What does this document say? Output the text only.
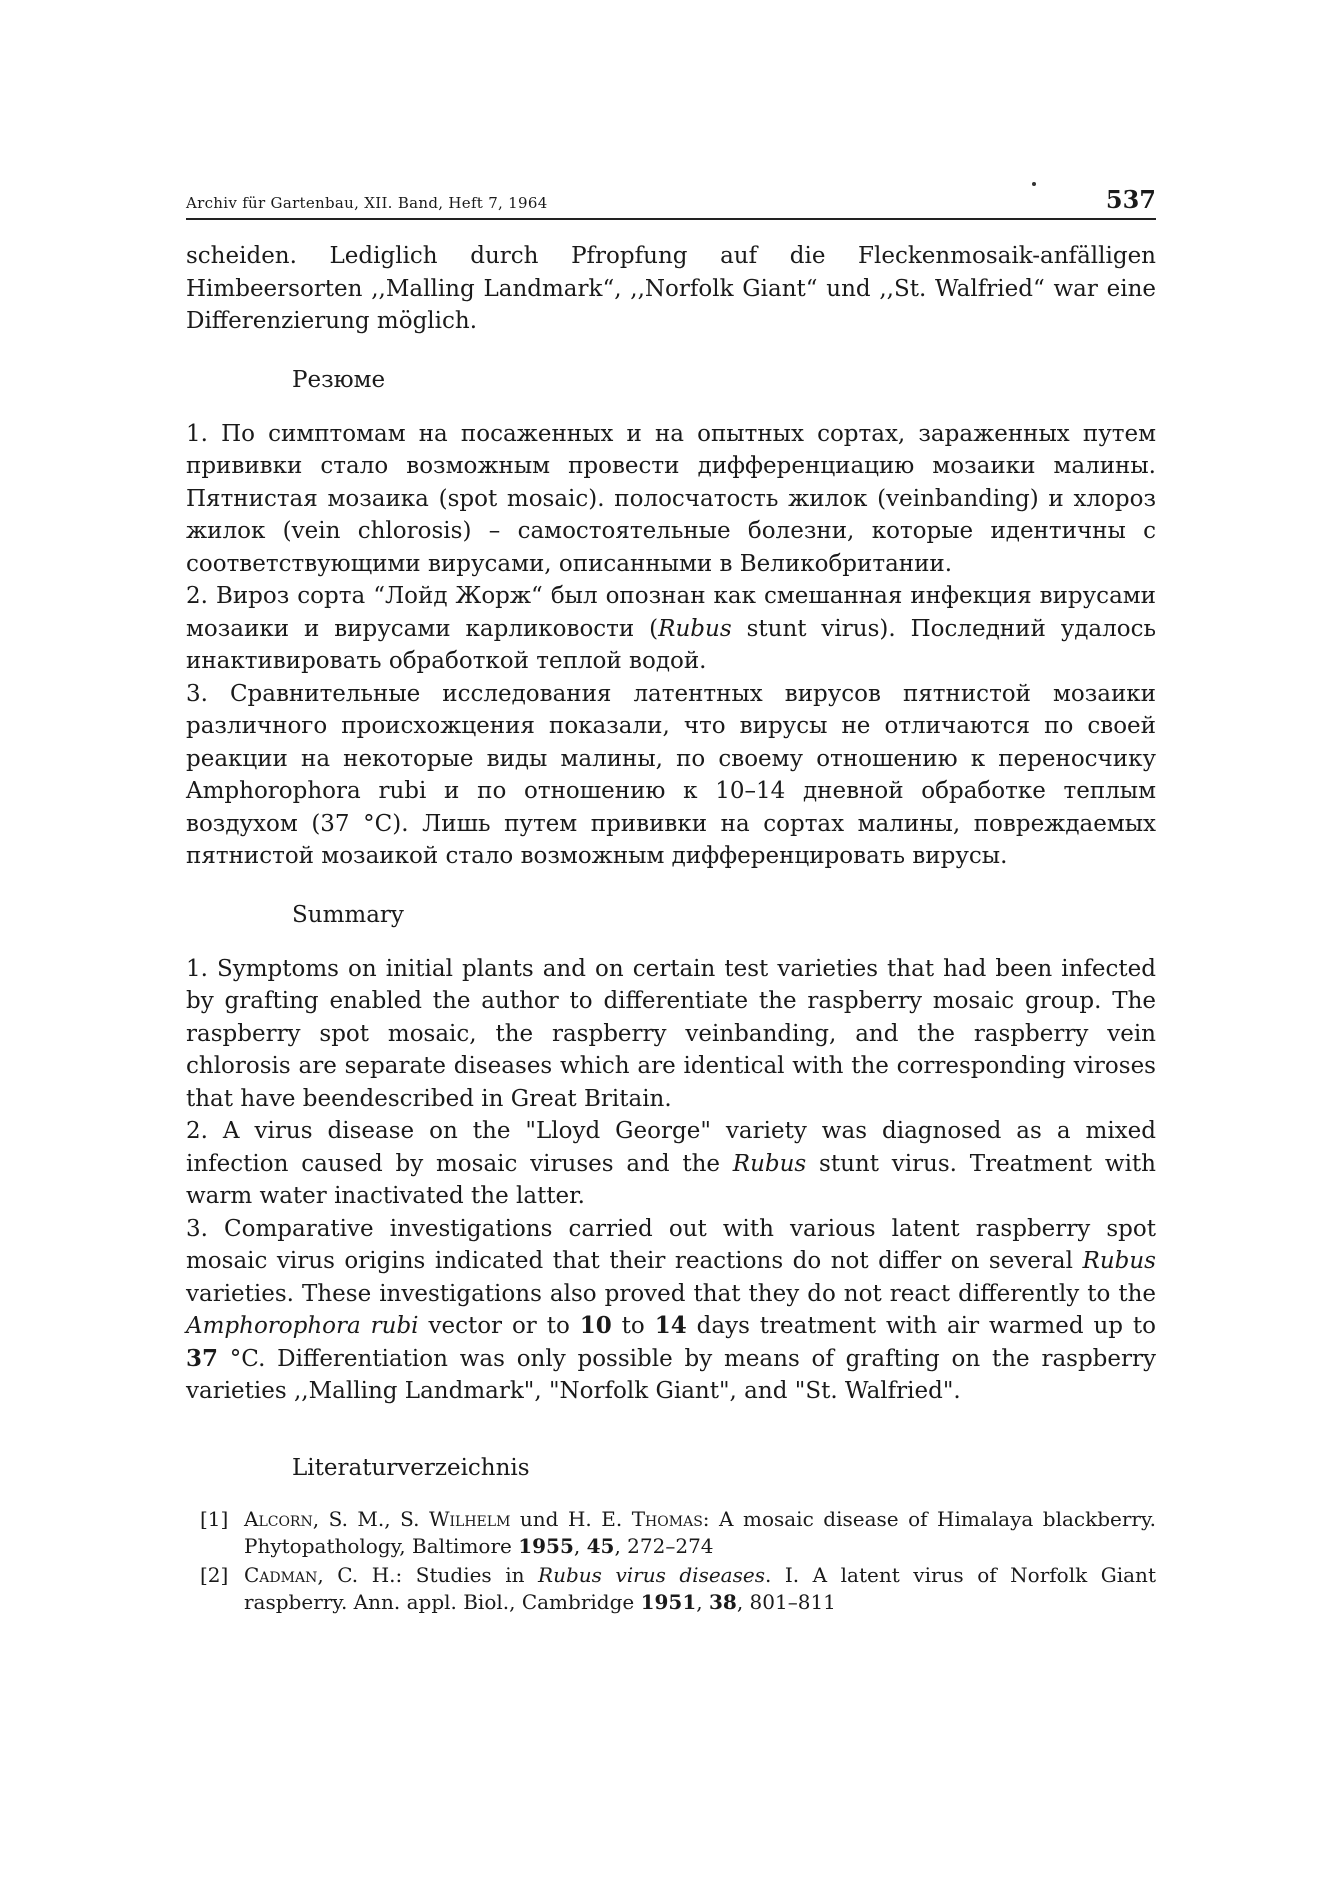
Archiv für Gartenbau, XII. Band, Heft 7, 1964	537

scheiden. Lediglich durch Pfropfung auf die Fleckenmosaik-anfälligen Himbeersorten ,,Malling Landmark“, ,,Norfolk Giant“ und ,,St. Walfried“ war eine Differenzierung möglich.

Резюме

1. По симптомам на посаженных и на опытных сортах, зараженных путем прививки стало возможным провести дифференциацию мозаики малины. Пятнистая мозаика (spot mosaic). полосчатость жилок (veinbanding) и хлороз жилок (vein chlorosis) – самостоятельные болезни, которые идентичны с соответствующими вирусами, описанными в Великобритании.

2. Вироз сорта “Лойд Жорж“ был опознан как смешанная инфекция вирусами мозаики и вирусами карликовости (Rubus stunt virus). Последний удалось инактивировать обработкой теплой водой.

3. Сравнительные исследования латентных вирусов пятнистой мозаики различного происхожцения показали, что вирусы не отличаются по своей реакции на некоторые виды малины, по своему отношению к переносчику Amphorophora rubi и по отношению к 10–14 дневной обработке теплым воздухом (37 °C). Лишь путем прививки на сортах малины, повреждаемых пятнистой мозаикой стало возможным дифференцировать вирусы.

Summary

1. Symptoms on initial plants and on certain test varieties that had been infected by grafting enabled the author to differentiate the raspberry mosaic group. The raspberry spot mosaic, the raspberry veinbanding, and the raspberry vein chlorosis are separate diseases which are identical with the corresponding viroses that have beendescribed in Great Britain.

2. A virus disease on the "Lloyd George" variety was diagnosed as a mixed infection caused by mosaic viruses and the Rubus stunt virus. Treatment with warm water inactivated the latter.

3. Comparative investigations carried out with various latent raspberry spot mosaic virus origins indicated that their reactions do not differ on several Rubus varieties. These investigations also proved that they do not react differently to the Amphorophora rubi vector or to 10 to 14 days treatment with air warmed up to 37 °C. Differentiation was only possible by means of grafting on the raspberry varieties ,,Malling Landmark", "Norfolk Giant", and "St. Walfried".

Literaturverzeichnis
[1] Alcorn, S. M., S. Wilhelm und H. E. Thomas: A mosaic disease of Himalaya blackberry. Phytopathology, Baltimore 1955, 45, 272–274
[2] Cadman, C. H.: Studies in Rubus virus diseases. I. A latent virus of Norfolk Giant raspberry. Ann. appl. Biol., Cambridge 1951, 38, 801–811
